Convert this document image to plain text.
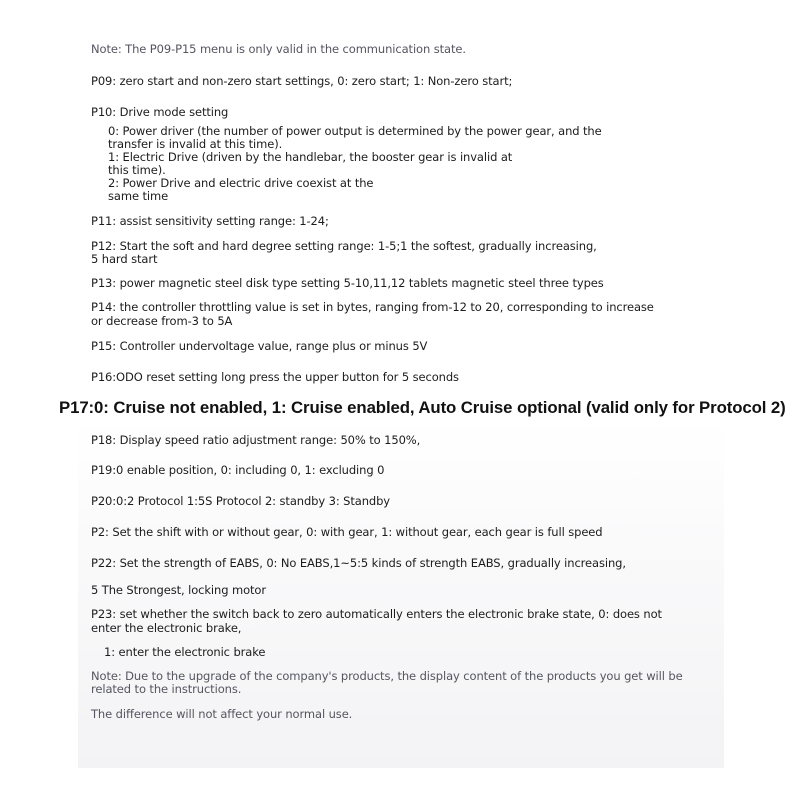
Note: The P09-P15 menu is only valid in the communication state.

P09: zero start and non-zero start settings, 0: zero start; 1: Non-zero start;

P10: Drive mode setting

0: Power driver (the number of power output is determined by the power gear, and the

transfer is invalid at this time).

1: Electric Drive (driven by the handlebar, the booster gear is invalid at

this time).

2: Power Drive and electric drive coexist at the

same time

P11: assist sensitivity setting range: 1-24;

P12: Start the soft and hard degree setting range: 1-5;1 the softest, gradually increasing,

5 hard start

P13: power magnetic steel disk type setting 5-10,11,12 tablets magnetic steel three types

P14: the controller throttling value is set in bytes, ranging from-12 to 20, corresponding to increase

or decrease from-3 to 5A

P15: Controller undervoltage value, range plus or minus 5V

P16:ODO reset setting long press the upper button for 5 seconds

P17:0: Cruise not enabled, 1: Cruise enabled, Auto Cruise optional (valid only for Protocol 2)

P18: Display speed ratio adjustment range: 50% to 150%,

P19:0 enable position, 0: including 0, 1: excluding 0

P20:0:2 Protocol 1:5S Protocol 2: standby 3: Standby

P2: Set the shift with or without gear, 0: with gear, 1: without gear, each gear is full speed

P22: Set the strength of EABS, 0: No EABS,1~5:5 kinds of strength EABS, gradually increasing,

5 The Strongest, locking motor

P23: set whether the switch back to zero automatically enters the electronic brake state, 0: does not

enter the electronic brake,

1: enter the electronic brake

Note: Due to the upgrade of the company's products, the display content of the products you get will be

related to the instructions.

The difference will not affect your normal use.
